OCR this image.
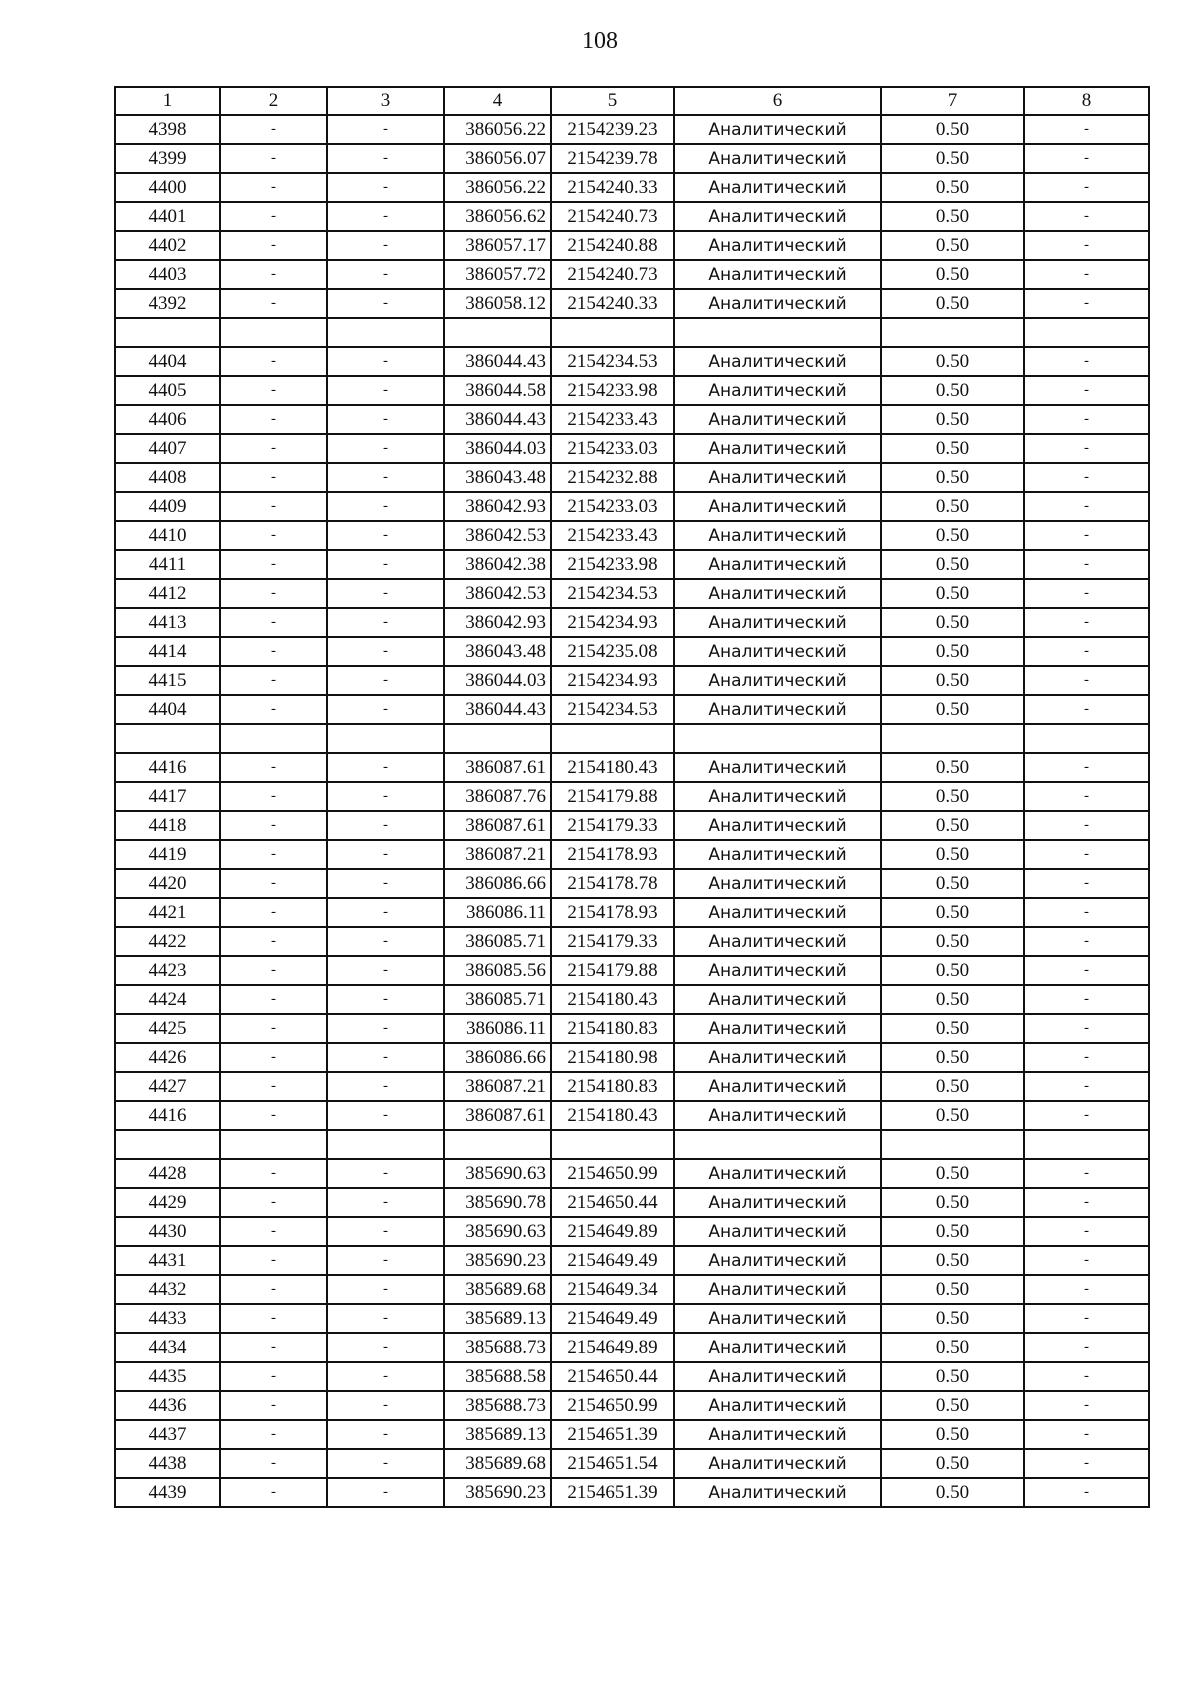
108
1	2	3	4	5	6	7	8
4398	-	-	386056.22	2154239.23	Аналитический	0.50	-
4399	-	-	386056.07	2154239.78	Аналитический	0.50	-
4400	-	-	386056.22	2154240.33	Аналитический	0.50	-
4401	-	-	386056.62	2154240.73	Аналитический	0.50	-
4402	-	-	386057.17	2154240.88	Аналитический	0.50	-
4403	-	-	386057.72	2154240.73	Аналитический	0.50	-
4392	-	-	386058.12	2154240.33	Аналитический	0.50	-

4404	-	-	386044.43	2154234.53	Аналитический	0.50	-
4405	-	-	386044.58	2154233.98	Аналитический	0.50	-
4406	-	-	386044.43	2154233.43	Аналитический	0.50	-
4407	-	-	386044.03	2154233.03	Аналитический	0.50	-
4408	-	-	386043.48	2154232.88	Аналитический	0.50	-
4409	-	-	386042.93	2154233.03	Аналитический	0.50	-
4410	-	-	386042.53	2154233.43	Аналитический	0.50	-
4411	-	-	386042.38	2154233.98	Аналитический	0.50	-
4412	-	-	386042.53	2154234.53	Аналитический	0.50	-
4413	-	-	386042.93	2154234.93	Аналитический	0.50	-
4414	-	-	386043.48	2154235.08	Аналитический	0.50	-
4415	-	-	386044.03	2154234.93	Аналитический	0.50	-
4404	-	-	386044.43	2154234.53	Аналитический	0.50	-

4416	-	-	386087.61	2154180.43	Аналитический	0.50	-
4417	-	-	386087.76	2154179.88	Аналитический	0.50	-
4418	-	-	386087.61	2154179.33	Аналитический	0.50	-
4419	-	-	386087.21	2154178.93	Аналитический	0.50	-
4420	-	-	386086.66	2154178.78	Аналитический	0.50	-
4421	-	-	386086.11	2154178.93	Аналитический	0.50	-
4422	-	-	386085.71	2154179.33	Аналитический	0.50	-
4423	-	-	386085.56	2154179.88	Аналитический	0.50	-
4424	-	-	386085.71	2154180.43	Аналитический	0.50	-
4425	-	-	386086.11	2154180.83	Аналитический	0.50	-
4426	-	-	386086.66	2154180.98	Аналитический	0.50	-
4427	-	-	386087.21	2154180.83	Аналитический	0.50	-
4416	-	-	386087.61	2154180.43	Аналитический	0.50	-

4428	-	-	385690.63	2154650.99	Аналитический	0.50	-
4429	-	-	385690.78	2154650.44	Аналитический	0.50	-
4430	-	-	385690.63	2154649.89	Аналитический	0.50	-
4431	-	-	385690.23	2154649.49	Аналитический	0.50	-
4432	-	-	385689.68	2154649.34	Аналитический	0.50	-
4433	-	-	385689.13	2154649.49	Аналитический	0.50	-
4434	-	-	385688.73	2154649.89	Аналитический	0.50	-
4435	-	-	385688.58	2154650.44	Аналитический	0.50	-
4436	-	-	385688.73	2154650.99	Аналитический	0.50	-
4437	-	-	385689.13	2154651.39	Аналитический	0.50	-
4438	-	-	385689.68	2154651.54	Аналитический	0.50	-
4439	-	-	385690.23	2154651.39	Аналитический	0.50	-
